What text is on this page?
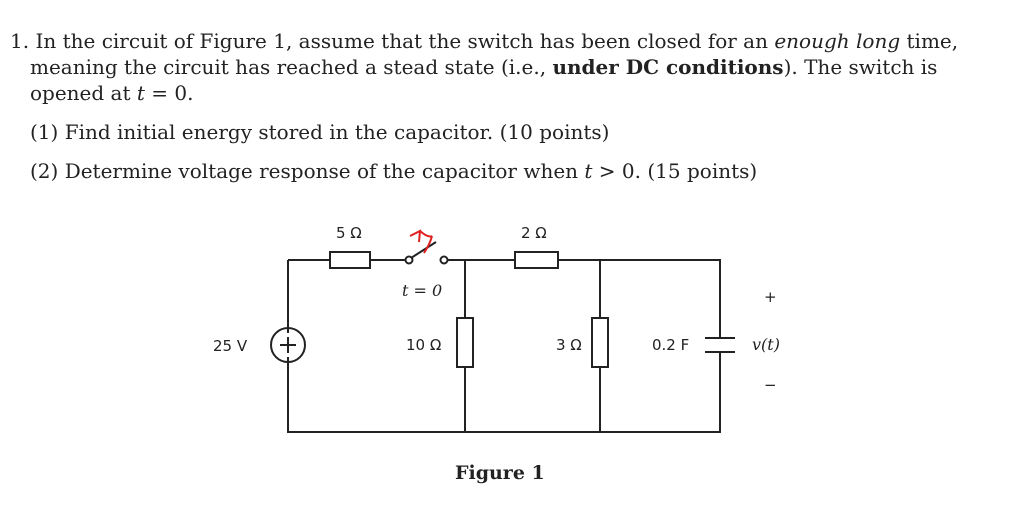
1. In the circuit of Figure 1, assume that the switch has been closed for an enough long time,
meaning the circuit has reached a stead state (i.e., under DC conditions). The switch is
opened at t = 0.
(1) Find initial energy stored in the capacitor. (10 points)
(2) Determine voltage response of the capacitor when t > 0. (15 points)
5 Ω	2 Ω
t = 0
25 V	10 Ω	3 Ω	0.2 F
+
v(t)
−
Figure 1
